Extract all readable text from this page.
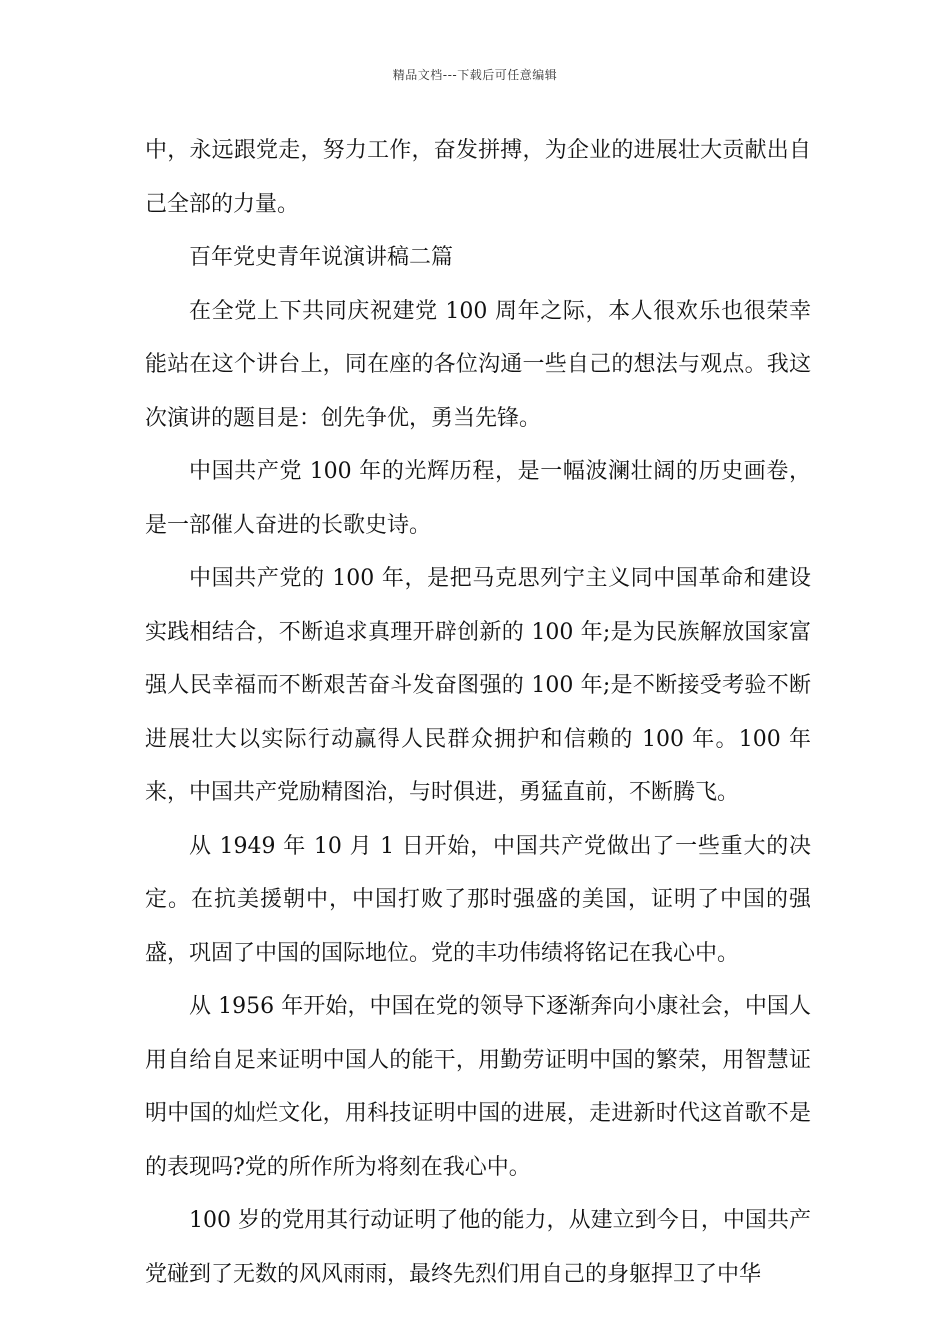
精品文档---下载后可任意编辑

中，永远跟党走，努力工作，奋发拼搏，为企业的进展壮大贡献出自己全部的力量。

百年党史青年说演讲稿二篇

在全党上下共同庆祝建党 100 周年之际，本人很欢乐也很荣幸能站在这个讲台上，同在座的各位沟通一些自己的想法与观点。我这次演讲的题目是：创先争优，勇当先锋。

中国共产党 100 年的光辉历程，是一幅波澜壮阔的历史画卷，是一部催人奋进的长歌史诗。

中国共产党的 100 年，是把马克思列宁主义同中国革命和建设实践相结合，不断追求真理开辟创新的 100 年;是为民族解放国家富强人民幸福而不断艰苦奋斗发奋图强的 100 年;是不断接受考验不断进展壮大以实际行动赢得人民群众拥护和信赖的 100 年。100 年来，中国共产党励精图治，与时俱进，勇猛直前，不断腾飞。

从 1949 年 10 月 1 日开始，中国共产党做出了一些重大的决定。在抗美援朝中，中国打败了那时强盛的美国，证明了中国的强盛，巩固了中国的国际地位。党的丰功伟绩将铭记在我心中。

从 1956 年开始，中国在党的领导下逐渐奔向小康社会，中国人用自给自足来证明中国人的能干，用勤劳证明中国的繁荣，用智慧证明中国的灿烂文化，用科技证明中国的进展，走进新时代这首歌不是的表现吗?党的所作所为将刻在我心中。

100 岁的党用其行动证明了他的能力，从建立到今日，中国共产党碰到了无数的风风雨雨，最终先烈们用自己的身躯捍卫了中华
